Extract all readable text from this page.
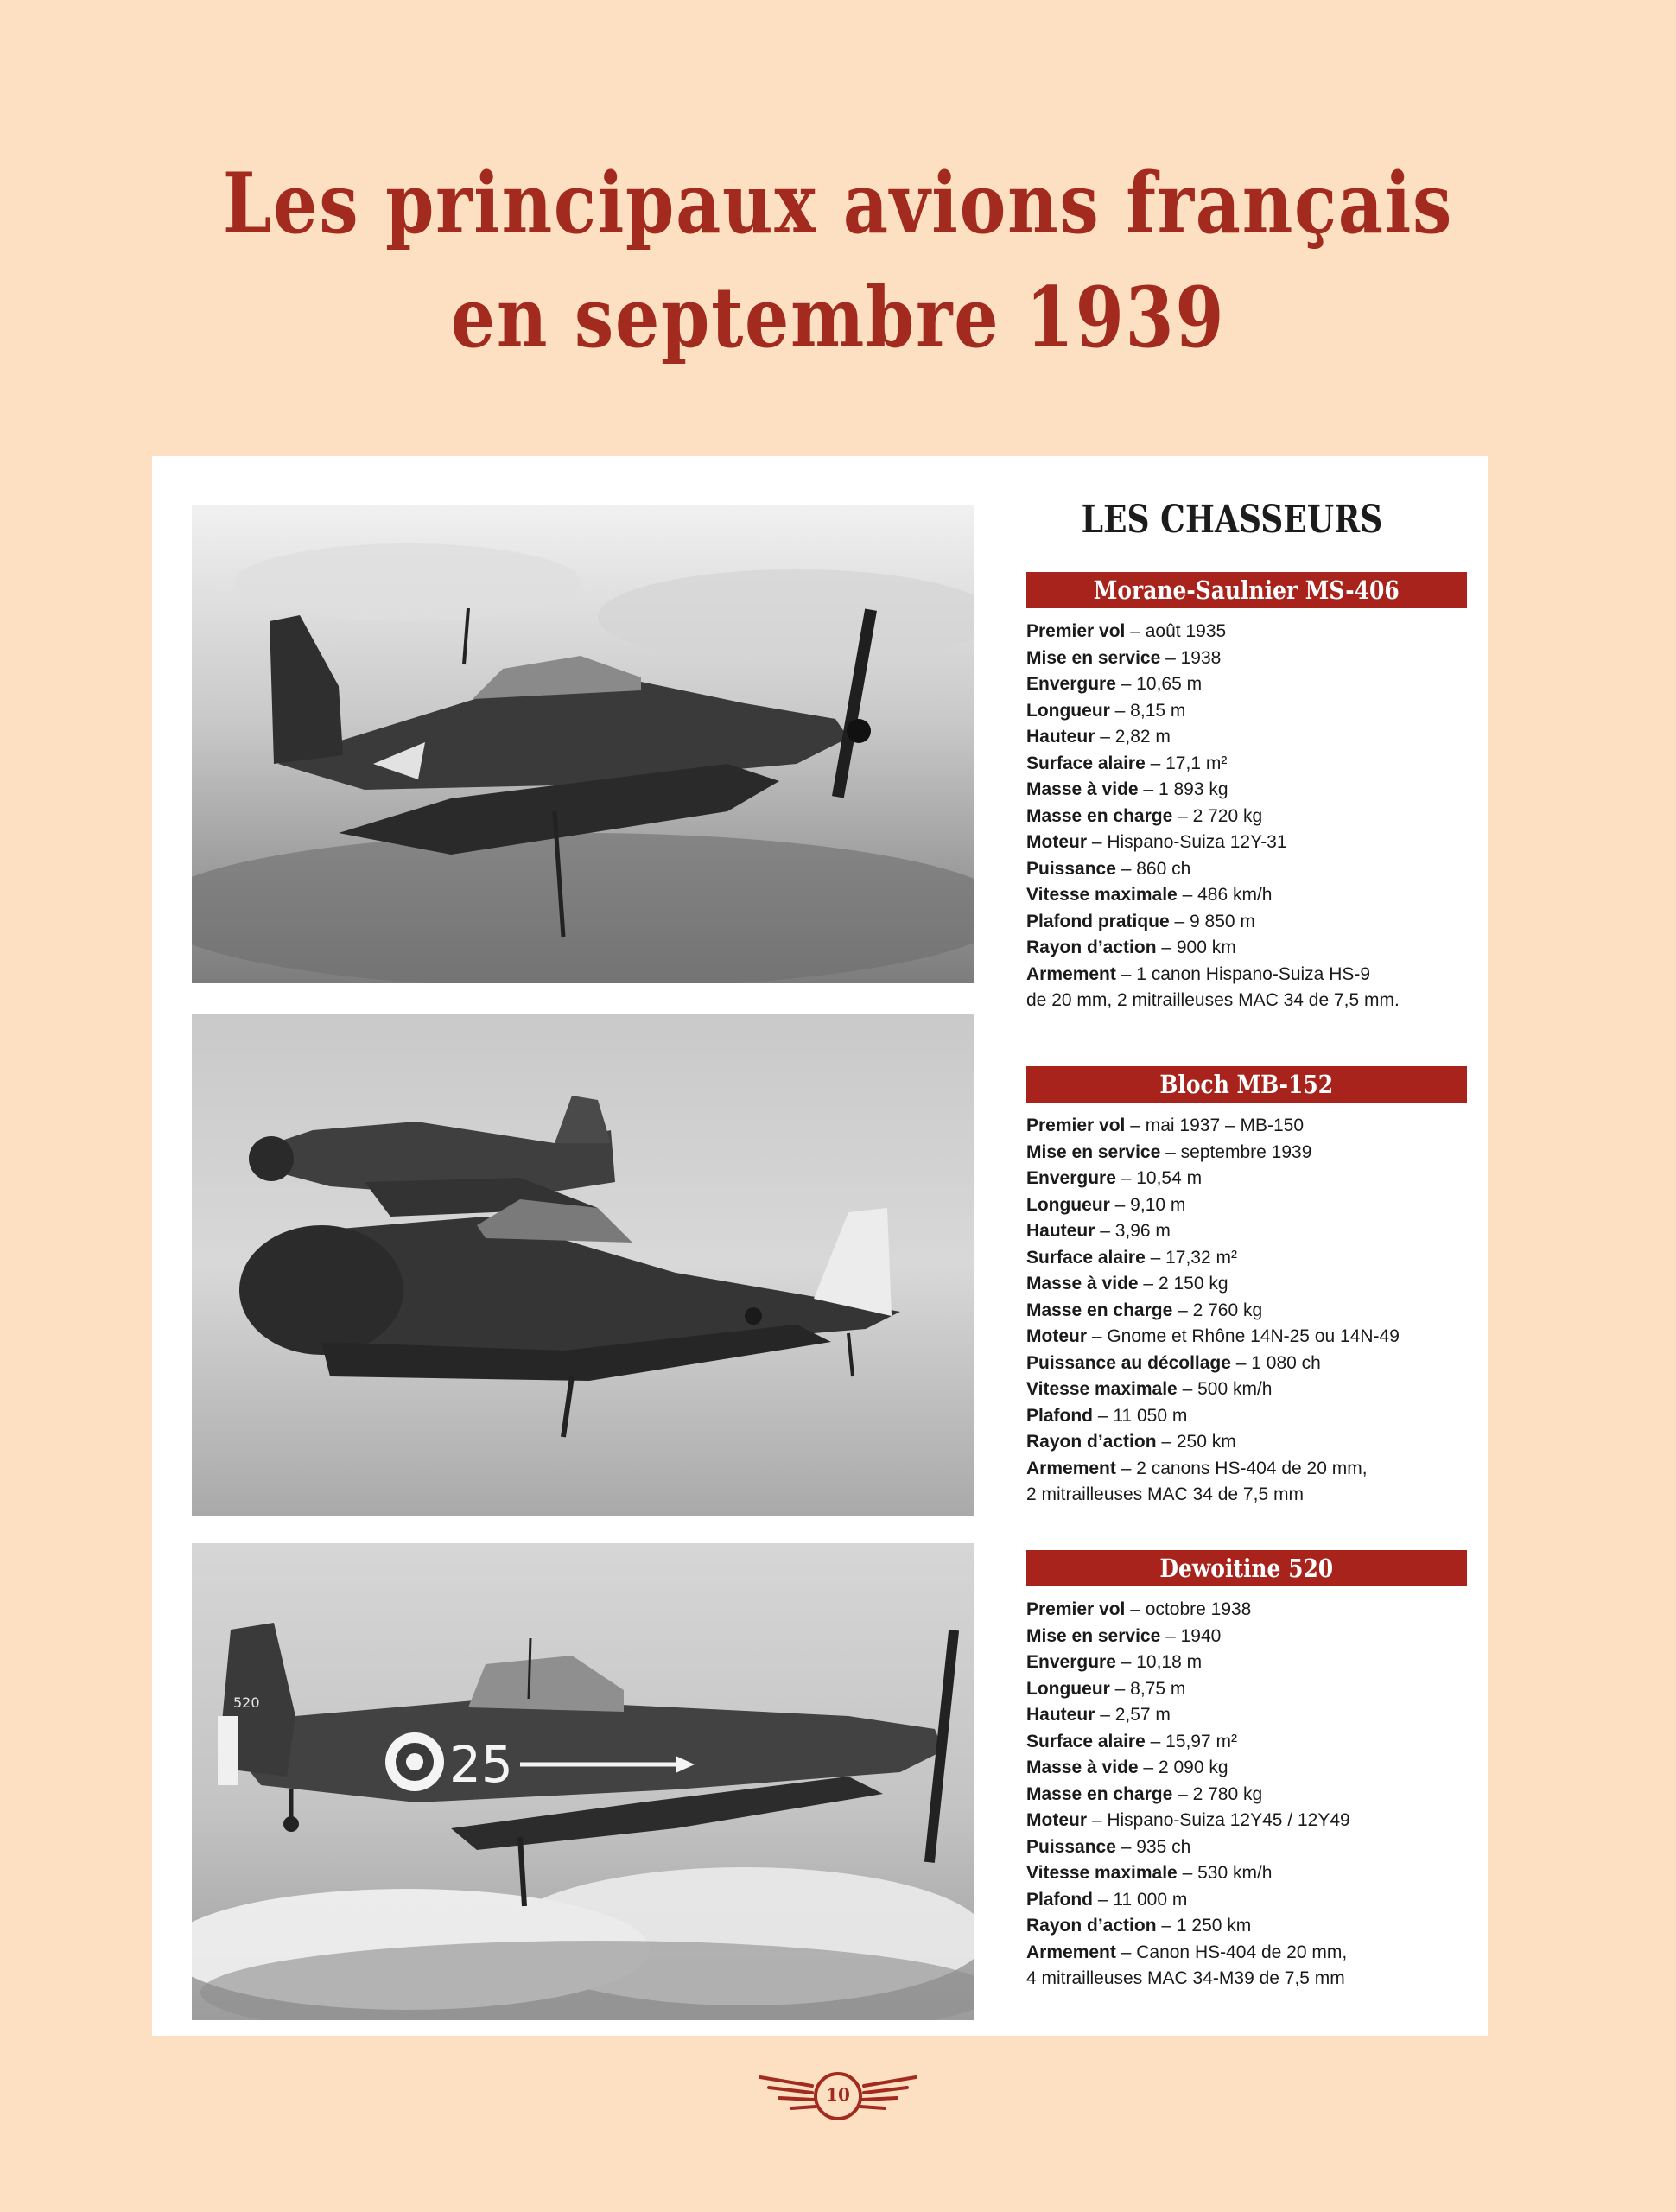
Les principaux avions français
en septembre 1939
25
520
LES CHASSEURS
Morane-Saulnier MS-406
Premier vol – août 1935
Mise en service – 1938
Envergure – 10,65 m
Longueur – 8,15 m
Hauteur – 2,82 m
Surface alaire – 17,1 m²
Masse à vide – 1 893 kg
Masse en charge – 2 720 kg
Moteur – Hispano-Suiza 12Y-31
Puissance – 860 ch
Vitesse maximale – 486 km/h
Plafond pratique – 9 850 m
Rayon d’action – 900 km
Armement – 1 canon Hispano-Suiza HS-9
de 20 mm, 2 mitrailleuses MAC 34 de 7,5 mm.
Bloch MB-152
Premier vol – mai 1937 – MB-150
Mise en service – septembre 1939
Envergure – 10,54 m
Longueur – 9,10 m
Hauteur – 3,96 m
Surface alaire – 17,32 m²
Masse à vide – 2 150 kg
Masse en charge – 2 760 kg
Moteur – Gnome et Rhône 14N-25 ou 14N-49
Puissance au décollage – 1 080 ch
Vitesse maximale – 500 km/h
Plafond – 11 050 m
Rayon d’action – 250 km
Armement – 2 canons HS-404 de 20 mm,
2 mitrailleuses MAC 34 de 7,5 mm
Dewoitine 520
Premier vol – octobre 1938
Mise en service – 1940
Envergure – 10,18 m
Longueur – 8,75 m
Hauteur – 2,57 m
Surface alaire – 15,97 m²
Masse à vide – 2 090 kg
Masse en charge – 2 780 kg
Moteur – Hispano-Suiza 12Y45 / 12Y49
Puissance – 935 ch
Vitesse maximale – 530 km/h
Plafond – 11 000 m
Rayon d’action – 1 250 km
Armement – Canon HS-404 de 20 mm,
4 mitrailleuses MAC 34-M39 de 7,5 mm
10
